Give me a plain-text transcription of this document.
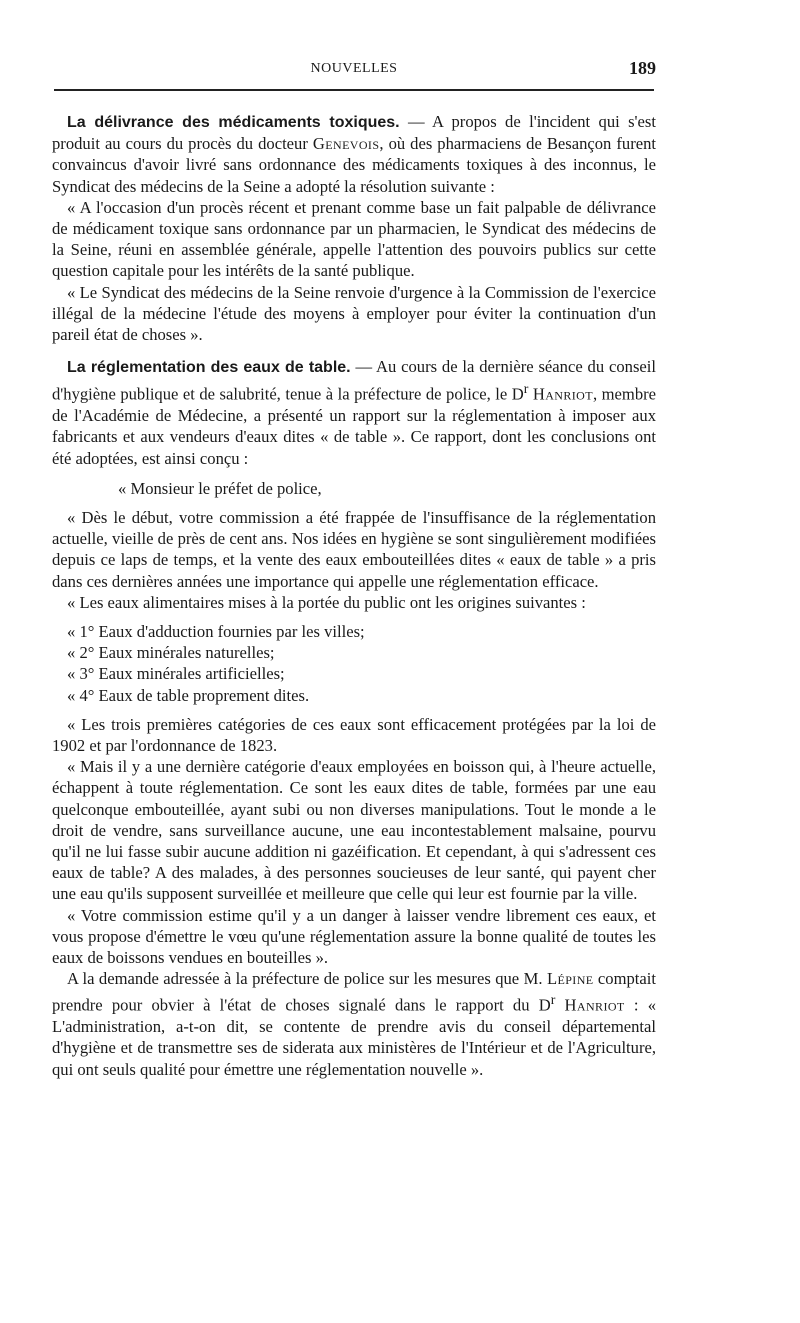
NOUVELLES	189

La délivrance des médicaments toxiques. — A propos de l'incident qui s'est produit au cours du procès du docteur Genevois, où des pharmaciens de Besançon furent convaincus d'avoir livré sans ordonnance des médicaments toxiques à des inconnus, le Syndicat des médecins de la Seine a adopté la résolution suivante :

« A l'occasion d'un procès récent et prenant comme base un fait palpable de délivrance de médicament toxique sans ordonnance par un pharmacien, le Syndicat des médecins de la Seine, réuni en assemblée générale, appelle l'attention des pouvoirs publics sur cette question capitale pour les intérêts de la santé publique.

« Le Syndicat des médecins de la Seine renvoie d'urgence à la Commission de l'exercice illégal de la médecine l'étude des moyens à employer pour éviter la continuation d'un pareil état de choses ».

La réglementation des eaux de table. — Au cours de la dernière séance du conseil d'hygiène publique et de salubrité, tenue à la préfecture de police, le $D^r$ Hanriot, membre de l'Académie de Médecine, a présenté un rapport sur la réglementation à imposer aux fabricants et aux vendeurs d'eaux dites « de table ». Ce rapport, dont les conclusions ont été adoptées, est ainsi conçu :

« Monsieur le préfet de police,

« Dès le début, votre commission a été frappée de l'insuffisance de la réglementation actuelle, vieille de près de cent ans. Nos idées en hygiène se sont singulièrement modifiées depuis ce laps de temps, et la vente des eaux embouteillées dites « eaux de table » a pris dans ces dernières années une importance qui appelle une réglementation efficace.

« Les eaux alimentaires mises à la portée du public ont les origines suivantes :

« 1° Eaux d'adduction fournies par les villes;

« 2° Eaux minérales naturelles;

« 3° Eaux minérales artificielles;

« 4° Eaux de table proprement dites.

« Les trois premières catégories de ces eaux sont efficacement protégées par la loi de 1902 et par l'ordonnance de 1823.

« Mais il y a une dernière catégorie d'eaux employées en boisson qui, à l'heure actuelle, échappent à toute réglementation. Ce sont les eaux dites de table, formées par une eau quelconque embouteillée, ayant subi ou non diverses manipulations. Tout le monde a le droit de vendre, sans surveillance aucune, une eau incontestablement malsaine, pourvu qu'il ne lui fasse subir aucune addition ni gazéification. Et cependant, à qui s'adressent ces eaux de table? A des malades, à des personnes soucieuses de leur santé, qui payent cher une eau qu'ils supposent surveillée et meilleure que celle qui leur est fournie par la ville.

« Votre commission estime qu'il y a un danger à laisser vendre librement ces eaux, et vous propose d'émettre le vœu qu'une réglementation assure la bonne qualité de toutes les eaux de boissons vendues en bouteilles ».

A la demande adressée à la préfecture de police sur les mesures que M. Lépine comptait prendre pour obvier à l'état de choses signalé dans le rapport du $D^r$ Hanriot : « L'administration, a-t-on dit, se contente de prendre avis du conseil départemental d'hygiène et de transmettre ses de siderata aux ministères de l'Intérieur et de l'Agriculture, qui ont seuls qualité pour émettre une réglementation nouvelle ».
